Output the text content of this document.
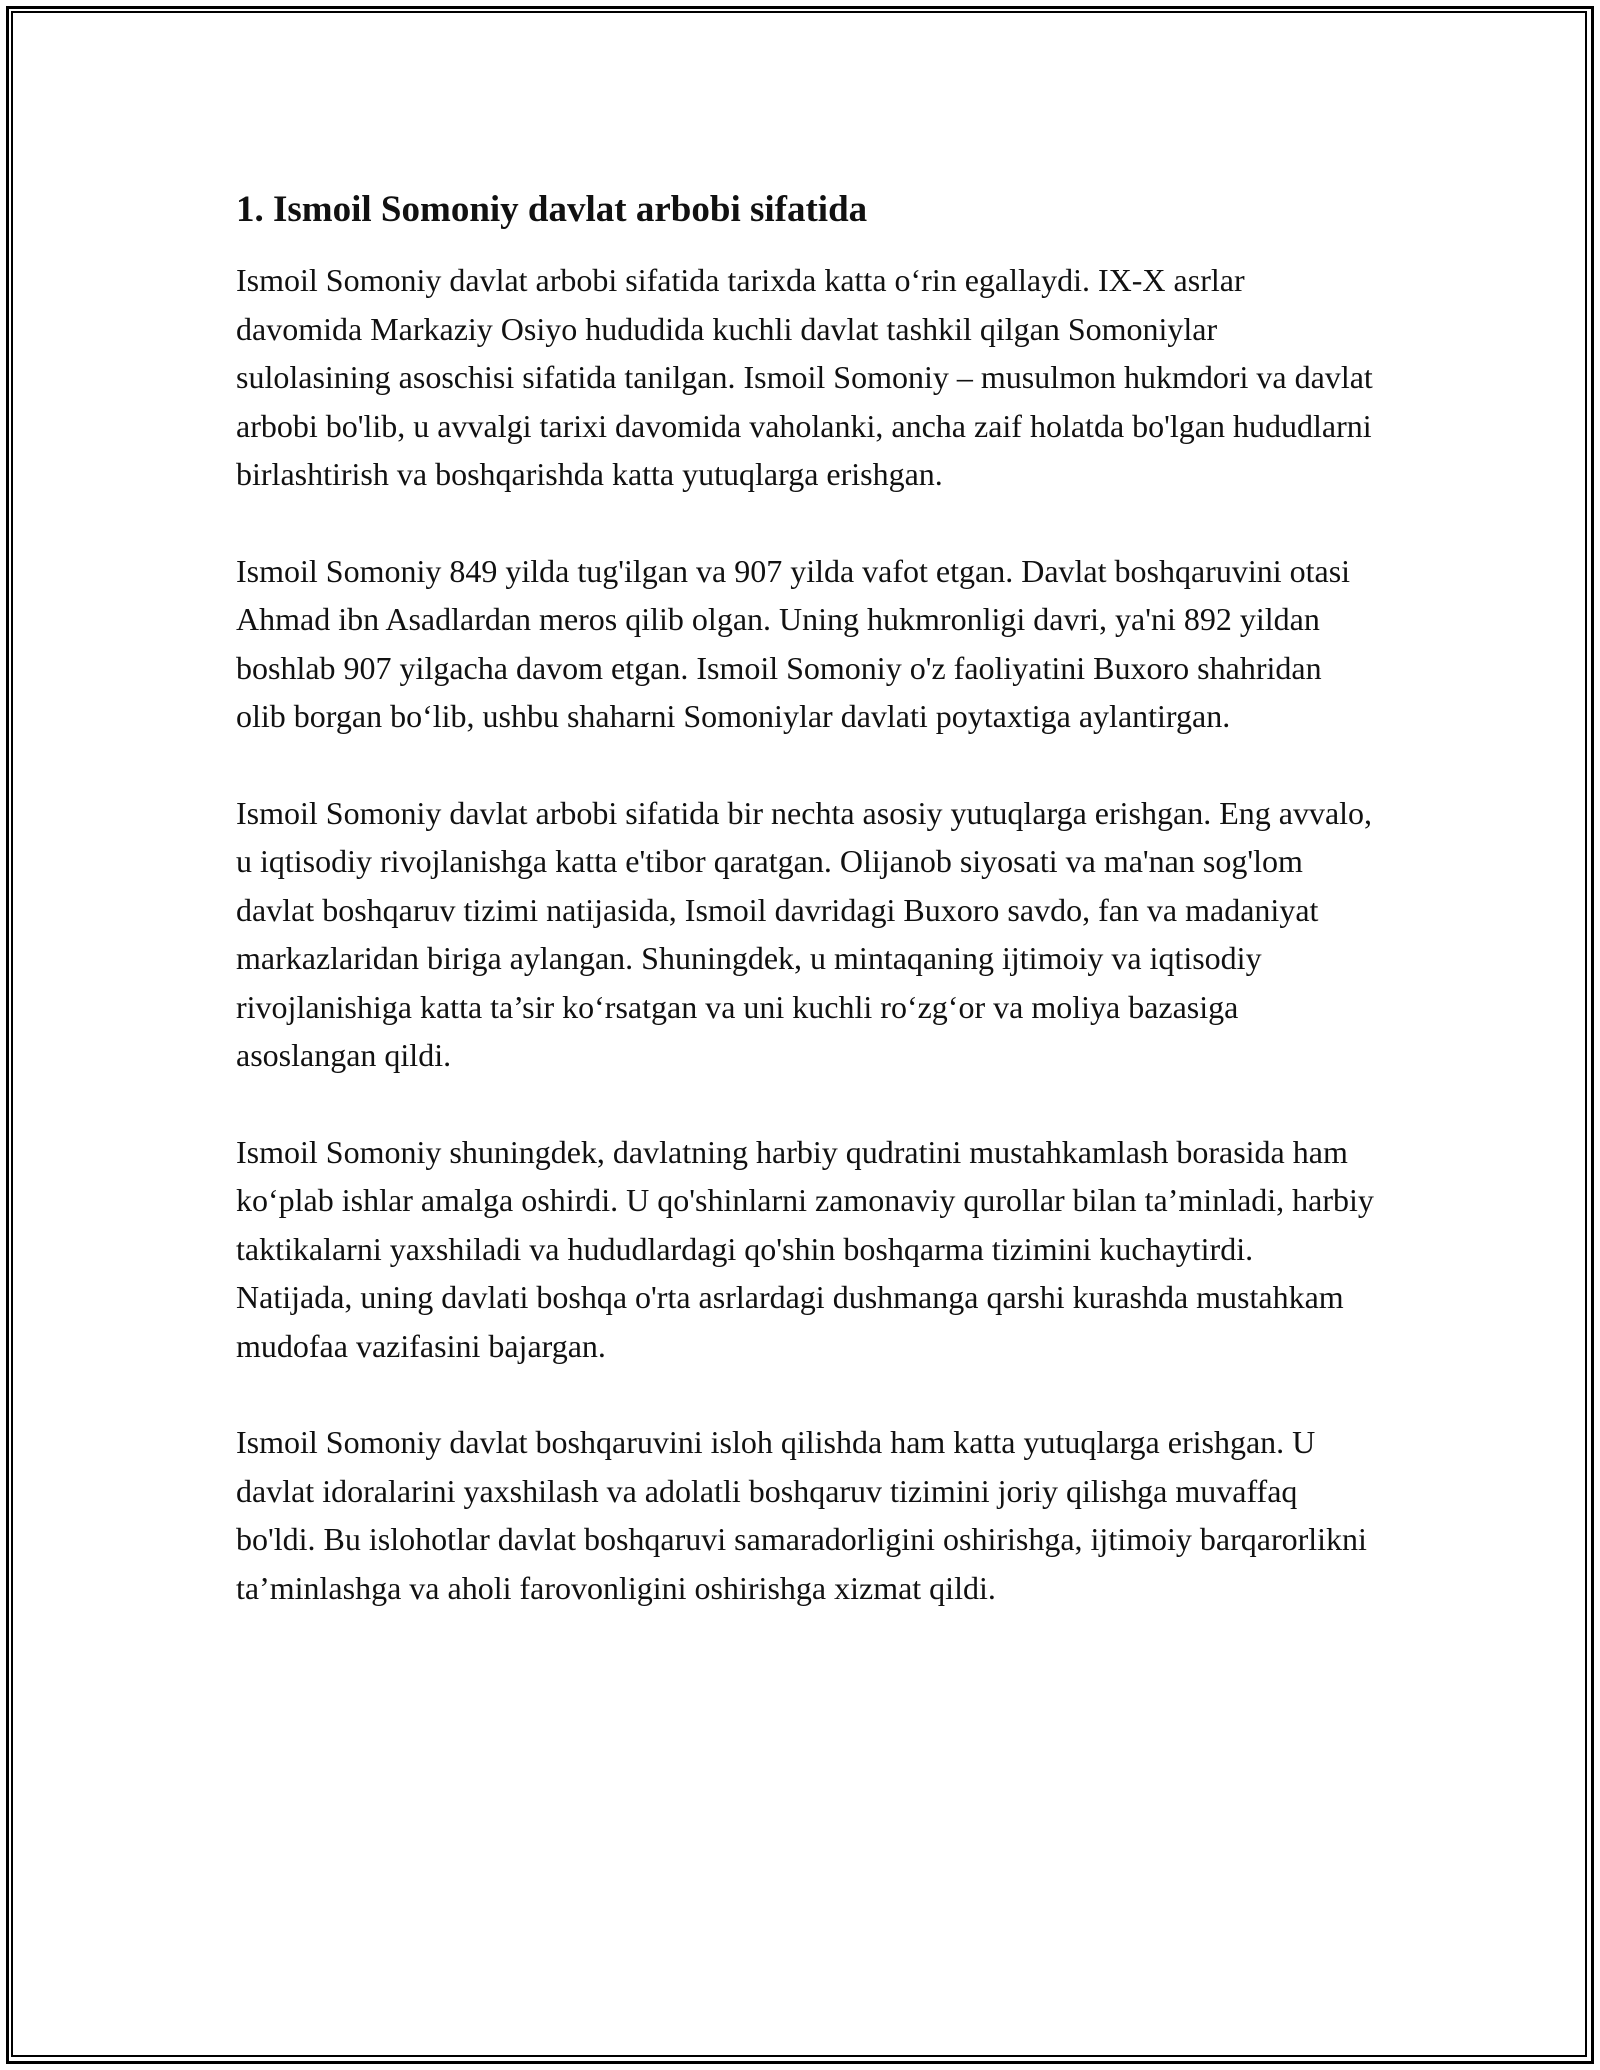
1. Ismoil Somoniy davlat arbobi sifatida

Ismoil Somoniy davlat arbobi sifatida tarixda katta o‘rin egallaydi. IX-X asrlar davomida Markaziy Osiyo hududida kuchli davlat tashkil qilgan Somoniylar sulolasining asoschisi sifatida tanilgan. Ismoil Somoniy – musulmon hukmdori va davlat arbobi bo'lib, u avvalgi tarixi davomida vaholanki, ancha zaif holatda bo'lgan hududlarni birlashtirish va boshqarishda katta yutuqlarga erishgan.

Ismoil Somoniy 849 yilda tug'ilgan va 907 yilda vafot etgan. Davlat boshqaruvini otasi Ahmad ibn Asadlardan meros qilib olgan. Uning hukmronligi davri, ya'ni 892 yildan boshlab 907 yilgacha davom etgan. Ismoil Somoniy o'z faoliyatini Buxoro shahridan olib borgan bo‘lib, ushbu shaharni Somoniylar davlati poytaxtiga aylantirgan.

Ismoil Somoniy davlat arbobi sifatida bir nechta asosiy yutuqlarga erishgan. Eng avvalo, u iqtisodiy rivojlanishga katta e'tibor qaratgan. Olijanob siyosati va ma'nan sog'lom davlat boshqaruv tizimi natijasida, Ismoil davridagi Buxoro savdo, fan va madaniyat markazlaridan biriga aylangan. Shuningdek, u mintaqaning ijtimoiy va iqtisodiy rivojlanishiga katta ta’sir ko‘rsatgan va uni kuchli ro‘zg‘or va moliya bazasiga asoslangan qildi.

Ismoil Somoniy shuningdek, davlatning harbiy qudratini mustahkamlash borasida ham ko‘plab ishlar amalga oshirdi. U qo'shinlarni zamonaviy qurollar bilan ta’minladi, harbiy taktikalarni yaxshiladi va hududlardagi qo'shin boshqarma tizimini kuchaytirdi. Natijada, uning davlati boshqa o'rta asrlardagi dushmanga qarshi kurashda mustahkam mudofaa vazifasini bajargan.

Ismoil Somoniy davlat boshqaruvini isloh qilishda ham katta yutuqlarga erishgan. U davlat idoralarini yaxshilash va adolatli boshqaruv tizimini joriy qilishga muvaffaq bo'ldi. Bu islohotlar davlat boshqaruvi samaradorligini oshirishga, ijtimoiy barqarorlikni ta’minlashga va aholi farovonligini oshirishga xizmat qildi.
